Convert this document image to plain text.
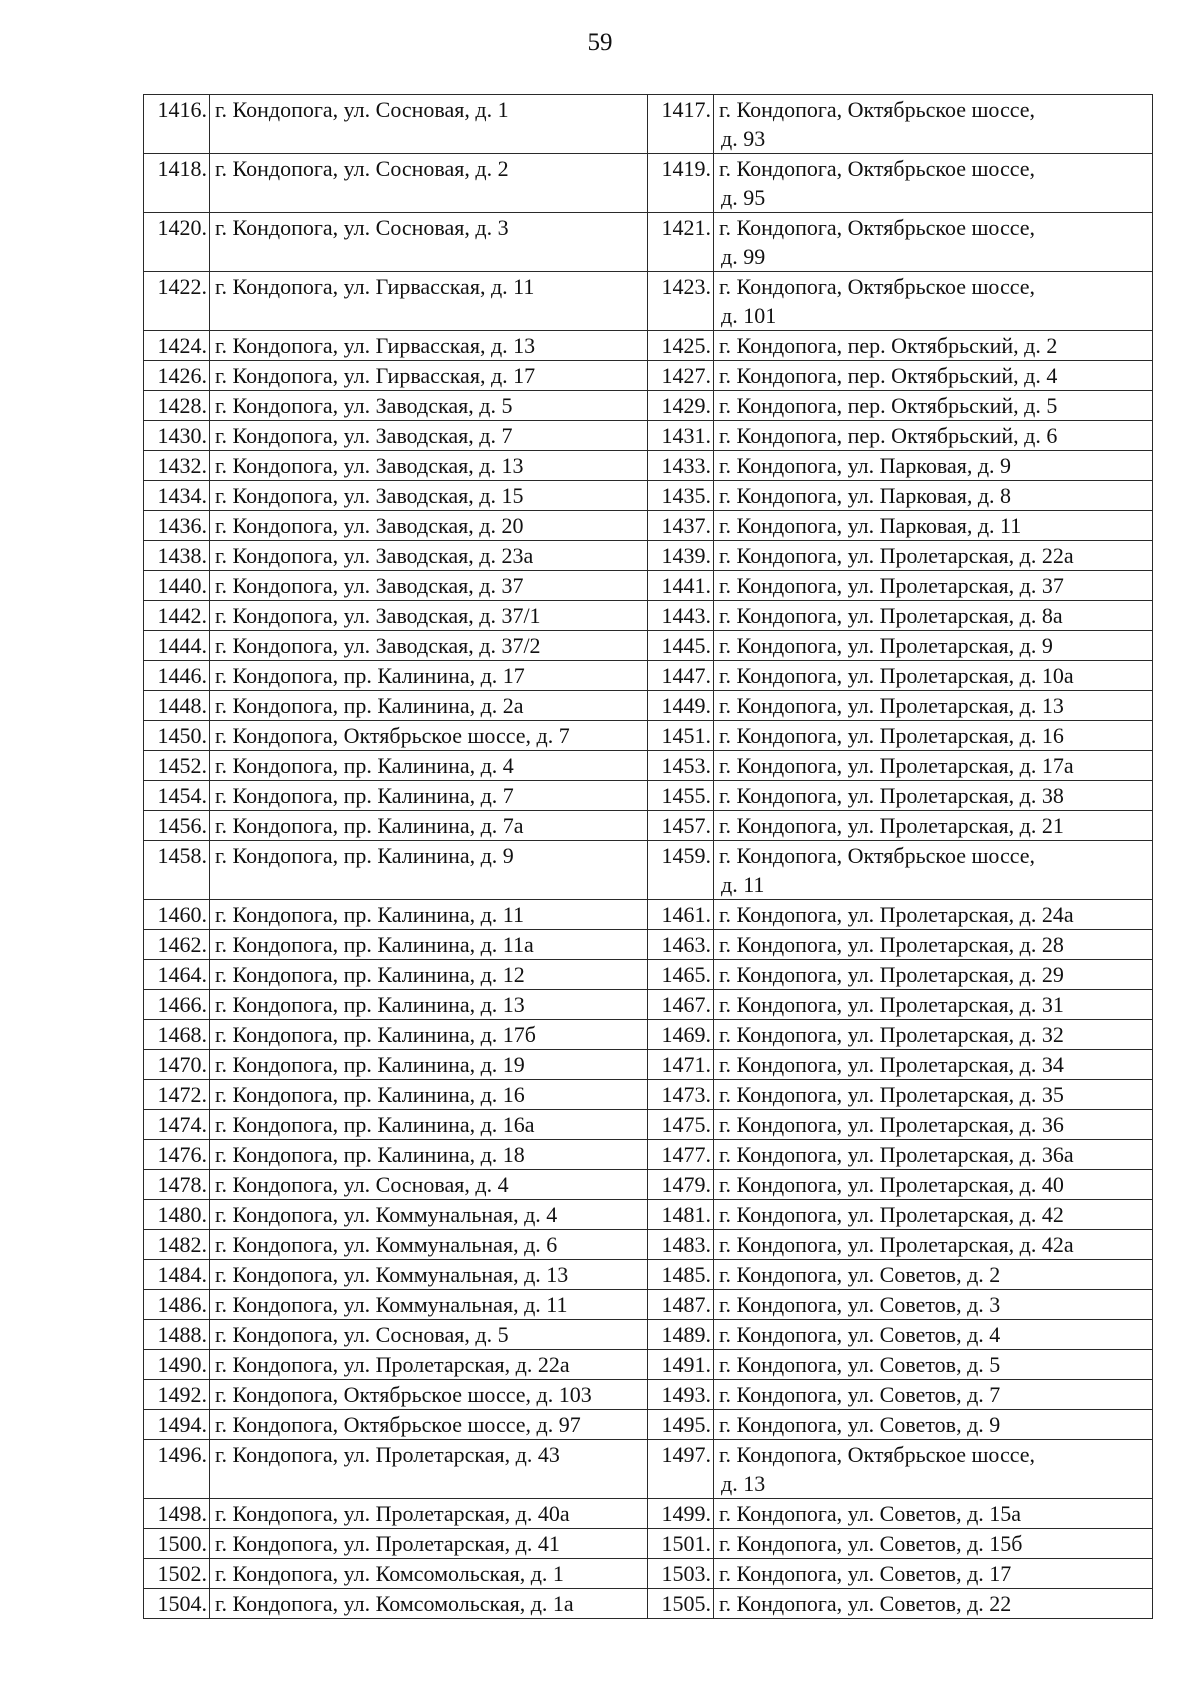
59
1416.	г. Кондопога, ул. Сосновая, д. 1	1417.	г. Кондопога, Октябрьское шоссе,
д. 93

1418.	г. Кондопога, ул. Сосновая, д. 2	1419.	г. Кондопога, Октябрьское шоссе,
д. 95

1420.	г. Кондопога, ул. Сосновая, д. 3	1421.	г. Кондопога, Октябрьское шоссе,
д. 99

1422.	г. Кондопога, ул. Гирвасская, д. 11	1423.	г. Кондопога, Октябрьское шоссе,
д. 101

1424.	г. Кондопога, ул. Гирвасская, д. 13	1425.	г. Кондопога, пер. Октябрьский, д. 2

1426.	г. Кондопога, ул. Гирвасская, д. 17	1427.	г. Кондопога, пер. Октябрьский, д. 4

1428.	г. Кондопога, ул. Заводская, д. 5	1429.	г. Кондопога, пер. Октябрьский, д. 5

1430.	г. Кондопога, ул. Заводская, д. 7	1431.	г. Кондопога, пер. Октябрьский, д. 6

1432.	г. Кондопога, ул. Заводская, д. 13	1433.	г. Кондопога, ул. Парковая, д. 9

1434.	г. Кондопога, ул. Заводская, д. 15	1435.	г. Кондопога, ул. Парковая, д. 8

1436.	г. Кондопога, ул. Заводская, д. 20	1437.	г. Кондопога, ул. Парковая, д. 11

1438.	г. Кондопога, ул. Заводская, д. 23а	1439.	г. Кондопога, ул. Пролетарская, д. 22а

1440.	г. Кондопога, ул. Заводская, д. 37	1441.	г. Кондопога, ул. Пролетарская, д. 37

1442.	г. Кондопога, ул. Заводская, д. 37/1	1443.	г. Кондопога, ул. Пролетарская, д. 8а

1444.	г. Кондопога, ул. Заводская, д. 37/2	1445.	г. Кондопога, ул. Пролетарская, д. 9

1446.	г. Кондопога, пр. Калинина, д. 17	1447.	г. Кондопога, ул. Пролетарская, д. 10а

1448.	г. Кондопога, пр. Калинина, д. 2а	1449.	г. Кондопога, ул. Пролетарская, д. 13

1450.	г. Кондопога, Октябрьское шоссе, д. 7	1451.	г. Кондопога, ул. Пролетарская, д. 16

1452.	г. Кондопога, пр. Калинина, д. 4	1453.	г. Кондопога, ул. Пролетарская, д. 17а

1454.	г. Кондопога, пр. Калинина, д. 7	1455.	г. Кондопога, ул. Пролетарская, д. 38

1456.	г. Кондопога, пр. Калинина, д. 7а	1457.	г. Кондопога, ул. Пролетарская, д. 21

1458.	г. Кондопога, пр. Калинина, д. 9	1459.	г. Кондопога, Октябрьское шоссе,
д. 11

1460.	г. Кондопога, пр. Калинина, д. 11	1461.	г. Кондопога, ул. Пролетарская, д. 24а

1462.	г. Кондопога, пр. Калинина, д. 11а	1463.	г. Кондопога, ул. Пролетарская, д. 28

1464.	г. Кондопога, пр. Калинина, д. 12	1465.	г. Кондопога, ул. Пролетарская, д. 29

1466.	г. Кондопога, пр. Калинина, д. 13	1467.	г. Кондопога, ул. Пролетарская, д. 31

1468.	г. Кондопога, пр. Калинина, д. 17б	1469.	г. Кондопога, ул. Пролетарская, д. 32

1470.	г. Кондопога, пр. Калинина, д. 19	1471.	г. Кондопога, ул. Пролетарская, д. 34

1472.	г. Кондопога, пр. Калинина, д. 16	1473.	г. Кондопога, ул. Пролетарская, д. 35

1474.	г. Кондопога, пр. Калинина, д. 16а	1475.	г. Кондопога, ул. Пролетарская, д. 36

1476.	г. Кондопога, пр. Калинина, д. 18	1477.	г. Кондопога, ул. Пролетарская, д. 36а

1478.	г. Кондопога, ул. Сосновая, д. 4	1479.	г. Кондопога, ул. Пролетарская, д. 40

1480.	г. Кондопога, ул. Коммунальная, д. 4	1481.	г. Кондопога, ул. Пролетарская, д. 42

1482.	г. Кондопога, ул. Коммунальная, д. 6	1483.	г. Кондопога, ул. Пролетарская, д. 42а

1484.	г. Кондопога, ул. Коммунальная, д. 13	1485.	г. Кондопога, ул. Советов, д. 2

1486.	г. Кондопога, ул. Коммунальная, д. 11	1487.	г. Кондопога, ул. Советов, д. 3

1488.	г. Кондопога, ул. Сосновая, д. 5	1489.	г. Кондопога, ул. Советов, д. 4

1490.	г. Кондопога, ул. Пролетарская, д. 22а	1491.	г. Кондопога, ул. Советов, д. 5

1492.	г. Кондопога, Октябрьское шоссе, д. 103	1493.	г. Кондопога, ул. Советов, д. 7

1494.	г. Кондопога, Октябрьское шоссе, д. 97	1495.	г. Кондопога, ул. Советов, д. 9

1496.	г. Кондопога, ул. Пролетарская, д. 43	1497.	г. Кондопога, Октябрьское шоссе,
д. 13

1498.	г. Кондопога, ул. Пролетарская, д. 40а	1499.	г. Кондопога, ул. Советов, д. 15а

1500.	г. Кондопога, ул. Пролетарская, д. 41	1501.	г. Кондопога, ул. Советов, д. 15б

1502.	г. Кондопога, ул. Комсомольская, д. 1	1503.	г. Кондопога, ул. Советов, д. 17

1504.	г. Кондопога, ул. Комсомольская, д. 1а	1505.	г. Кондопога, ул. Советов, д. 22
